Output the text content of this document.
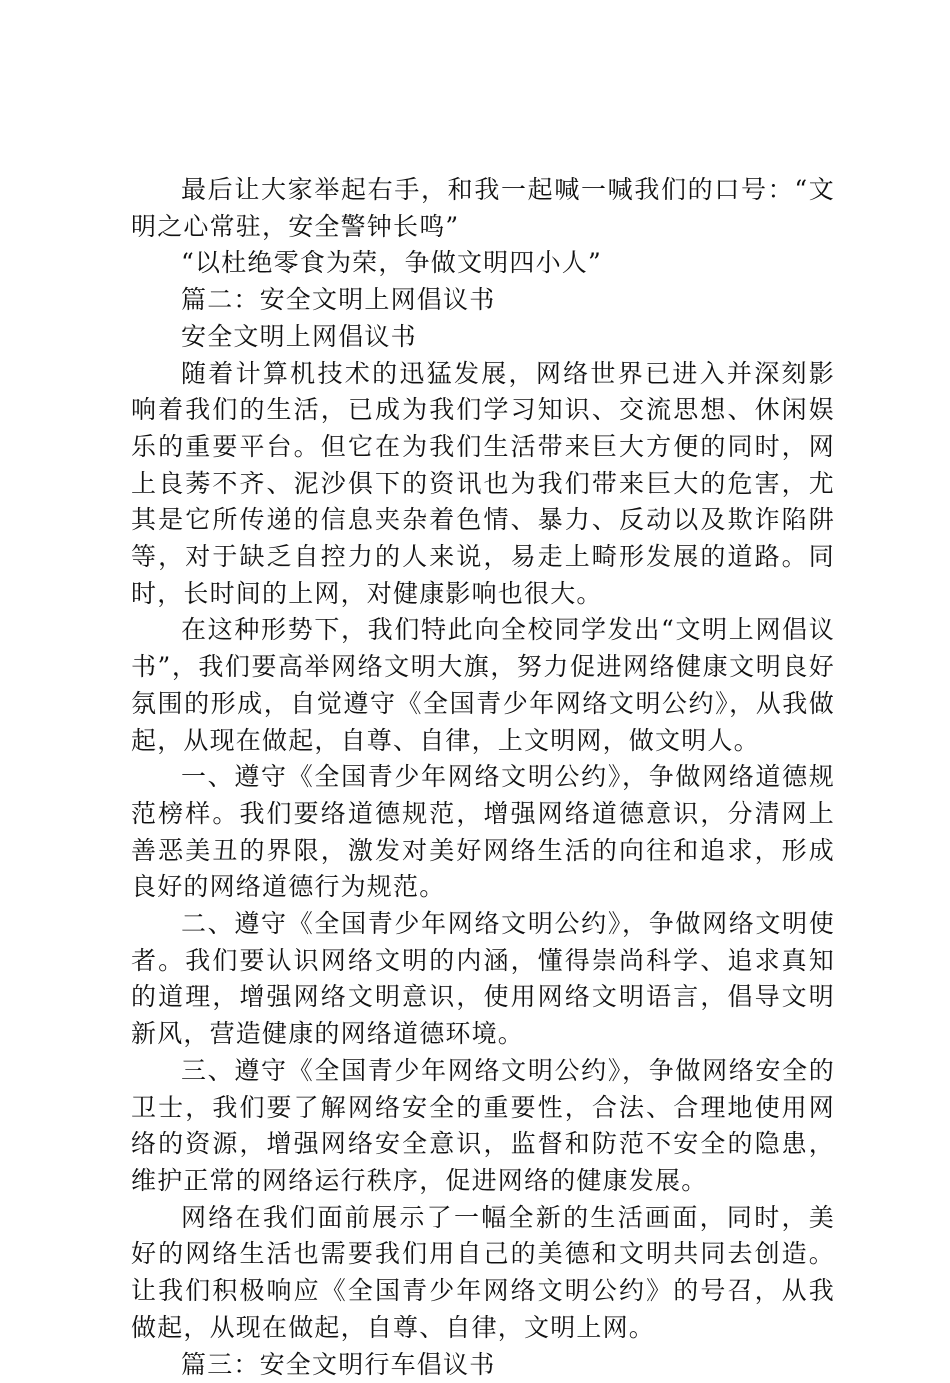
最后让大家举起右手，和我一起喊一喊我们的口号：“文明之心常驻，安全警钟长鸣”

“以杜绝零食为荣，争做文明四小人”

篇二：安全文明上网倡议书

安全文明上网倡议书

随着计算机技术的迅猛发展，网络世界已进入并深刻影响着我们的生活，已成为我们学习知识、交流思想、休闲娱乐的重要平台。但它在为我们生活带来巨大方便的同时，网上良莠不齐、泥沙俱下的资讯也为我们带来巨大的危害，尤其是它所传递的信息夹杂着色情、暴力、反动以及欺诈陷阱等，对于缺乏自控力的人来说，易走上畸形发展的道路。同时，长时间的上网，对健康影响也很大。

在这种形势下，我们特此向全校同学发出“文明上网倡议书”，我们要高举网络文明大旗，努力促进网络健康文明良好氛围的形成，自觉遵守《全国青少年网络文明公约》，从我做起，从现在做起，自尊、自律，上文明网，做文明人。

一、遵守《全国青少年网络文明公约》，争做网络道德规范榜样。我们要络道德规范，增强网络道德意识，分清网上善恶美丑的界限，激发对美好网络生活的向往和追求，形成良好的网络道德行为规范。

二、遵守《全国青少年网络文明公约》，争做网络文明使者。我们要认识网络文明的内涵，懂得崇尚科学、追求真知的道理，增强网络文明意识，使用网络文明语言，倡导文明新风，营造健康的网络道德环境。

三、遵守《全国青少年网络文明公约》，争做网络安全的卫士，我们要了解网络安全的重要性，合法、合理地使用网络的资源，增强网络安全意识，监督和防范不安全的隐患，维护正常的网络运行秩序，促进网络的健康发展。

网络在我们面前展示了一幅全新的生活画面，同时，美好的网络生活也需要我们用自己的美德和文明共同去创造。让我们积极响应《全国青少年网络文明公约》的号召，从我做起，从现在做起，自尊、自律，文明上网。

篇三：安全文明行车倡议书
